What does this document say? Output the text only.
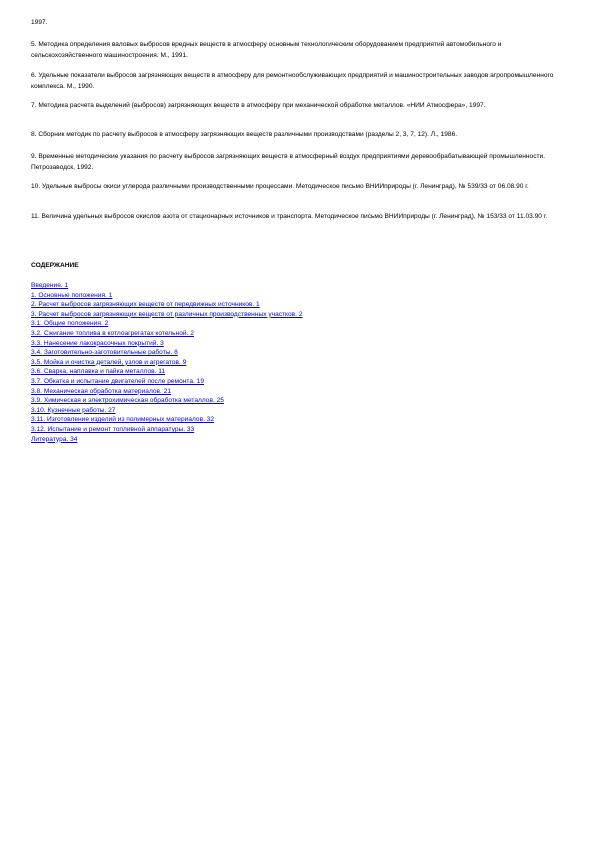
1997.

5. Методика определения валовых выбросов вредных веществ в атмосферу основным технологическим оборудованием предприятий автомобильного и сельскохозяйственного машиностроения. М., 1991.

6. Удельные показатели выбросов загрязняющих веществ в атмосферу для ремонтнообслуживающих предприятий и машиностроительных заводов агропромышленного комплекса. М., 1990.

7. Методика расчета выделений (выбросов) загрязняющих веществ в атмосферу при механической обработке металлов. «НИИ Атмосфера», 1997.

8. Сборник методик по расчету выбросов в атмосферу загрязняющих веществ различными производствами (разделы 2, 3, 7, 12). Л., 1986.

9. Временные методические указания по расчету выбросов загрязняющих веществ в атмосферный воздух предприятиями деревообрабатывающей промышленности. Петрозаводск, 1992.

10. Удельные выбросы окиси углерода различными производственными процессами. Методическое письмо ВНИИприроды (г. Ленинград), № 539/33 от 06.08.90 г.

11. Величина удельных выбросов окислов азота от стационарных источников и транспорта. Методическое письмо ВНИИприроды (г. Ленинград), № 153/33 от 11.03.90 г.

СОДЕРЖАНИЕ

Введение. 1
1. Основные положения. 1
2. Расчет выбросов загрязняющих веществ от передвижных источников. 1
3. Расчет выбросов загрязняющих веществ от различных производственных участков. 2
3.1. Общие положения. 2
3.2. Сжигание топлива в котлоагрегатах котельной. 2
3.3. Нанесение лакокрасочных покрытий. 3
3.4. Заготовительно-заготовительные работы. 8
3.5. Мойка и очистка деталей, узлов и агрегатов. 9
3.6. Сварка, наплавка и пайка металлов. 11
3.7. Обкатка и испытание двигателей после ремонта. 19
3.8. Механическая обработка материалов. 21
3.9. Химическая и электрохимическая обработка металлов. 25
3.10. Кузнечные работы. 27
3.11. Изготовление изделий из полимерных материалов. 32
3.12. Испытание и ремонт топливной аппаратуры. 33
Литература. 34
